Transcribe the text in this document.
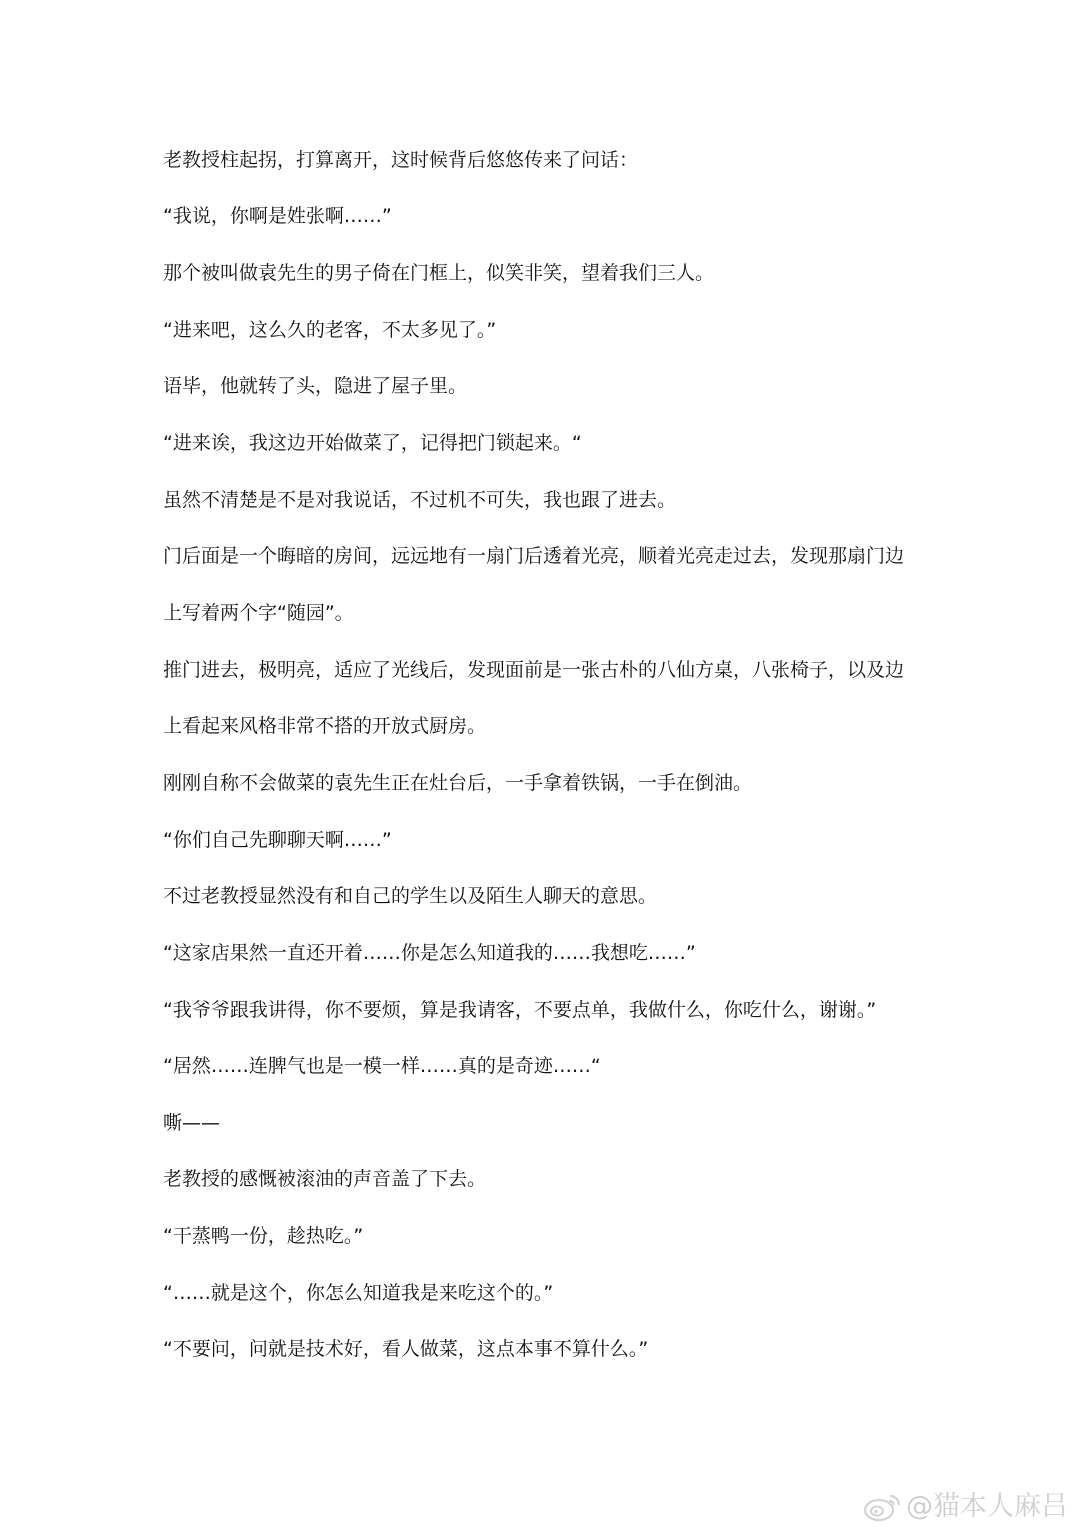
老教授柱起拐，打算离开，这时候背后悠悠传来了问话：
“我说，你啊是姓张啊……”
那个被叫做袁先生的男子倚在门框上，似笑非笑，望着我们三人。
“进来吧，这么久的老客，不太多见了。”
语毕，他就转了头，隐进了屋子里。
“进来诶，我这边开始做菜了，记得把门锁起来。“
虽然不清楚是不是对我说话，不过机不可失，我也跟了进去。
门后面是一个晦暗的房间，远远地有一扇门后透着光亮，顺着光亮走过去，发现那扇门边
上写着两个字“随园”。
推门进去，极明亮，适应了光线后，发现面前是一张古朴的八仙方桌，八张椅子，以及边
上看起来风格非常不搭的开放式厨房。
刚刚自称不会做菜的袁先生正在灶台后，一手拿着铁锅，一手在倒油。
“你们自己先聊聊天啊……”
不过老教授显然没有和自己的学生以及陌生人聊天的意思。
“这家店果然一直还开着……你是怎么知道我的……我想吃……”
“我爷爷跟我讲得，你不要烦，算是我请客，不要点单，我做什么，你吃什么，谢谢。”
“居然……连脾气也是一模一样……真的是奇迹……“
嘶——
老教授的感慨被滚油的声音盖了下去。
“干蒸鸭一份，趁热吃。”
“……就是这个，你怎么知道我是来吃这个的。”
“不要问，问就是技术好，看人做菜，这点本事不算什么。”
@猫本人麻吕
